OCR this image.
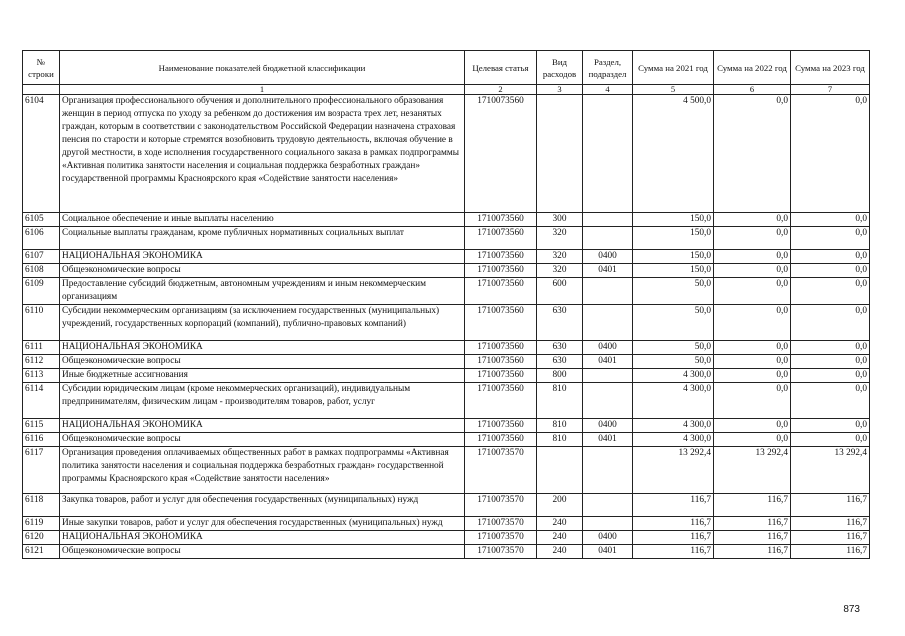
№ строки	Наименование показателей бюджетной классификации	Целевая статья	Вид расходов	Раздел, подраздел	Сумма на 2021 год	Сумма на 2022 год	Сумма на 2023 год
	1	2	3	4	5	6	7
6104	Организация профессионального обучения и дополнительного профессионального образования женщин в период отпуска по уходу за ребенком до достижения им возраста трех лет, незанятых граждан, которым в соответствии с законодательством Российской Федерации назначена страховая пенсия по старости и которые стремятся возобновить трудовую деятельность, включая обучение в другой местности, в ходе исполнения государственного социального заказа в рамках подпрограммы «Активная политика занятости населения и социальная поддержка безработных граждан» государственной программы Красноярского края «Содействие занятости населения»	1710073560			4 500,0	0,0	0,0
6105	Социальное обеспечение и иные выплаты населению	1710073560	300		150,0	0,0	0,0
6106	Социальные выплаты гражданам, кроме публичных нормативных социальных выплат	1710073560	320		150,0	0,0	0,0
6107	НАЦИОНАЛЬНАЯ ЭКОНОМИКА	1710073560	320	0400	150,0	0,0	0,0
6108	Общеэкономические вопросы	1710073560	320	0401	150,0	0,0	0,0
6109	Предоставление субсидий бюджетным, автономным учреждениям и иным некоммерческим организациям	1710073560	600		50,0	0,0	0,0
6110	Субсидии некоммерческим организациям (за исключением государственных (муниципальных) учреждений, государственных корпораций (компаний), публично-правовых компаний)	1710073560	630		50,0	0,0	0,0
6111	НАЦИОНАЛЬНАЯ ЭКОНОМИКА	1710073560	630	0400	50,0	0,0	0,0
6112	Общеэкономические вопросы	1710073560	630	0401	50,0	0,0	0,0
6113	Иные бюджетные ассигнования	1710073560	800		4 300,0	0,0	0,0
6114	Субсидии юридическим лицам (кроме некоммерческих организаций), индивидуальным предпринимателям, физическим лицам - производителям товаров, работ, услуг	1710073560	810		4 300,0	0,0	0,0
6115	НАЦИОНАЛЬНАЯ ЭКОНОМИКА	1710073560	810	0400	4 300,0	0,0	0,0
6116	Общеэкономические вопросы	1710073560	810	0401	4 300,0	0,0	0,0
6117	Организация проведения оплачиваемых общественных работ в рамках подпрограммы «Активная политика занятости населения и социальная поддержка безработных граждан» государственной программы Красноярского края «Содействие занятости населения»	1710073570			13 292,4	13 292,4	13 292,4
6118	Закупка товаров, работ и услуг для обеспечения государственных (муниципальных) нужд	1710073570	200		116,7	116,7	116,7
6119	Иные закупки товаров, работ и услуг для обеспечения государственных (муниципальных) нужд	1710073570	240		116,7	116,7	116,7
6120	НАЦИОНАЛЬНАЯ ЭКОНОМИКА	1710073570	240	0400	116,7	116,7	116,7
6121	Общеэкономические вопросы	1710073570	240	0401	116,7	116,7	116,7
873
